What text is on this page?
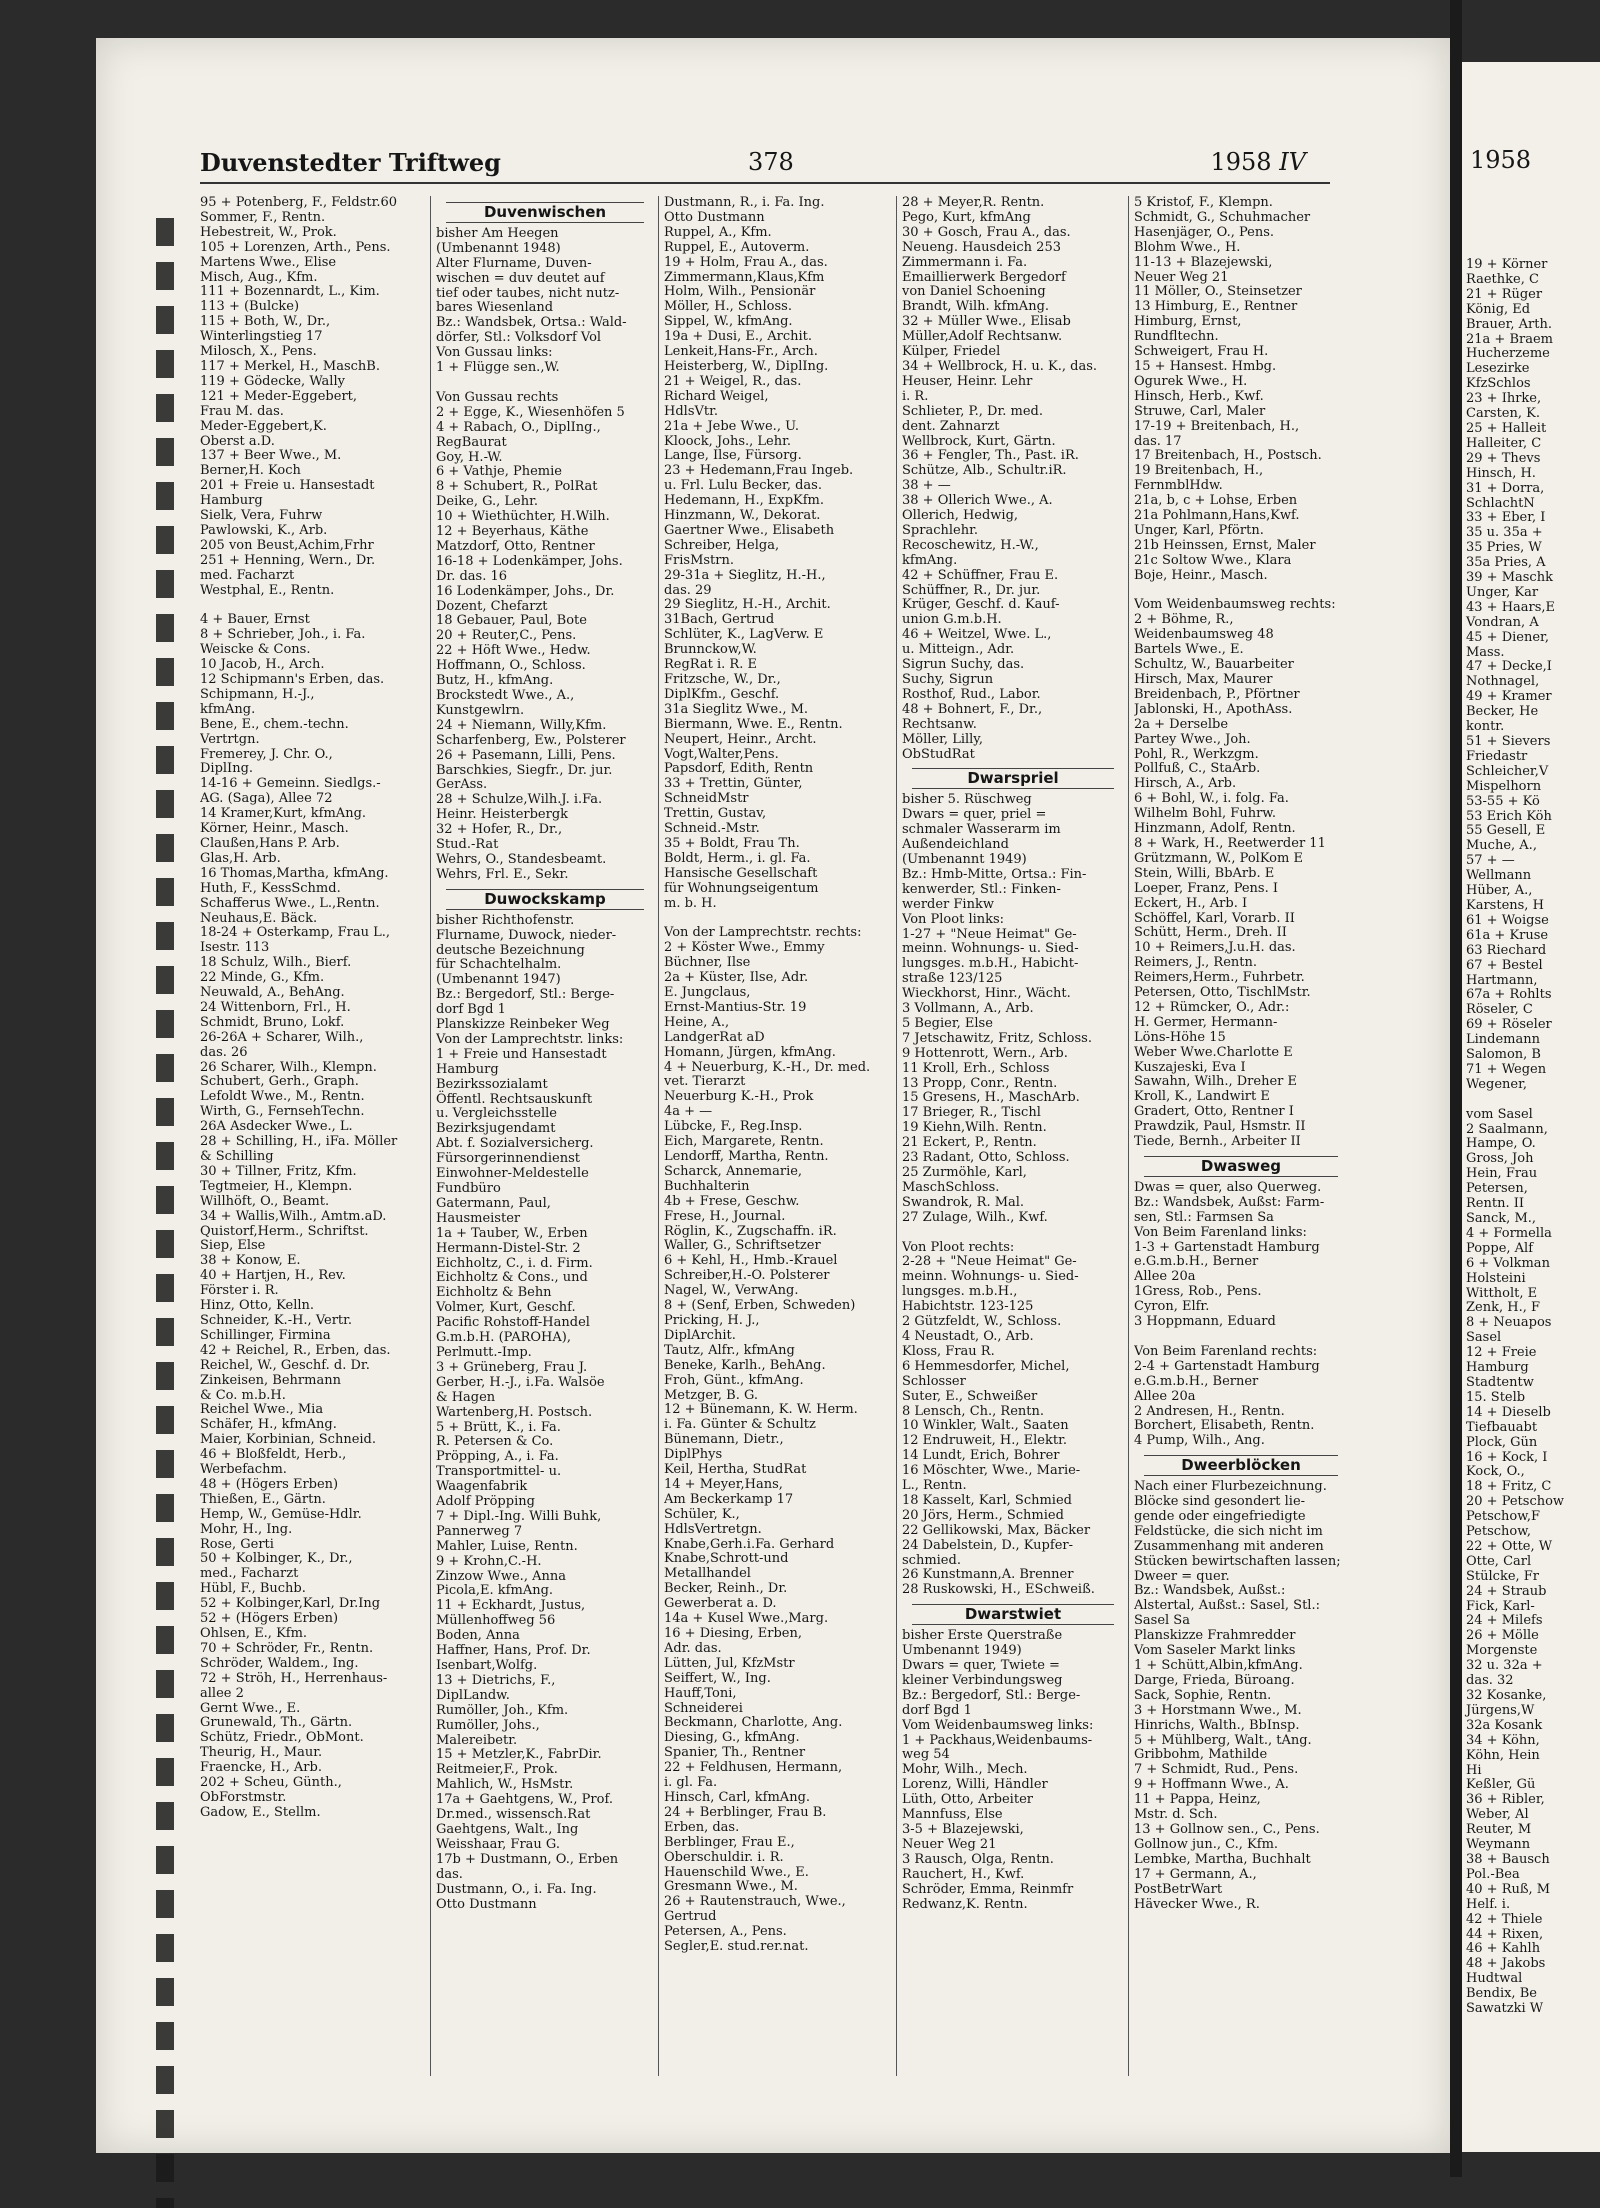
1958
19 + Körner
Raethke, C
21 + Rüger
König, Ed
Brauer, Arth.
21a + Braem
Hucherzeme
Lesezirke
KfzSchlos
23 + Ihrke,
Carsten, K.
25 + Halleit
Halleiter, C
29 + Thevs
Hinsch, H.
31 + Dorra,
SchlachtN
33 + Eber, I
35 u. 35a +
35 Pries, W
35a Pries, A
39 + Maschk
Unger, Kar
43 + Haars,E
Vondran, A
45 + Diener,
Mass.
47 + Decke,I
Nothnagel,
49 + Kramer
Becker, He
kontr.
51 + Sievers
Friedastr
Schleicher,V
Mispelhorn
53-55 + Kö
53 Erich Köh
55 Gesell, E
Muche, A.,
57 + —
Wellmann
Hüber, A.,
Karstens, H
61 + Woigse
61a + Kruse
63 Riechard
67 + Bestel
Hartmann,
67a + Rohlts
Röseler, C
69 + Röseler
Lindemann
Salomon, B
71 + Wegen
Wegener,

vom Sasel
2 Saalmann,
Hampe, O.
Gross, Joh
Hein, Frau
Petersen,
Rentn. II
Sanck, M.,
4 + Formella
Poppe, Alf
6 + Volkman
Holsteini
Wittholt, E
Zenk, H., F
8 + Neuapos
Sasel
12 + Freie
Hamburg
Stadtentw
15. Stelb
14 + Dieselb
Tiefbauabt
Plock, Gün
16 + Kock, I
Kock, O.,
18 + Fritz, C
20 + Petschow
Petschow,F
Petschow,
22 + Otte, W
Otte, Carl
Stülcke, Fr
24 + Straub
Fick, Karl-
24 + Milefs
26 + Mölle
Morgenste
32 u. 32a +
das. 32
32 Kosanke,
Jürgens,W
32a Kosank
34 + Köhn,
Köhn, Hein
Hi
Keßler, Gü
36 + Ribler,
Weber, Al
Reuter, M
Weymann
38 + Bausch
Pol.-Bea
40 + Ruß, M
Helf. i.
42 + Thiele
44 + Rixen,
46 + Kahlh
48 + Jakobs
Hudtwal
Bendix, Be
Sawatzki W
Duvenstedter Triftweg	378	1958 IV
95 + Potenberg, F., Feldstr.60
Sommer, F., Rentn.
Hebestreit, W., Prok.
105 + Lorenzen, Arth., Pens.
Martens Wwe., Elise
Misch, Aug., Kfm.
111 + Bozennardt, L., Kim.
113 + (Bulcke)
115 + Both, W., Dr.,
Winterlingstieg 17
Milosch, X., Pens.
117 + Merkel, H., MaschB.
119 + Gödecke, Wally
121 + Meder-Eggebert,
Frau M. das.
Meder-Eggebert,K.
Oberst a.D.
137 + Beer Wwe., M.
Berner,H. Koch
201 + Freie u. Hansestadt
Hamburg
Sielk, Vera, Fuhrw
Pawlowski, K., Arb.
205 von Beust,Achim,Frhr
251 + Henning, Wern., Dr.
med. Facharzt
Westphal, E., Rentn.

4 + Bauer, Ernst
8 + Schrieber, Joh., i. Fa.
Weiscke & Cons.
10 Jacob, H., Arch.
12 Schipmann's Erben, das.
Schipmann, H.-J.,
kfmAng.
Bene, E., chem.-techn.
Vertrtgn.
Fremerey, J. Chr. O.,
DiplIng.
14-16 + Gemeinn. Siedlgs.-
AG. (Saga), Allee 72
14 Kramer,Kurt, kfmAng.
Körner, Heinr., Masch.
Claußen,Hans P. Arb.
Glas,H. Arb.
16 Thomas,Martha, kfmAng.
Huth, F., KessSchmd.
Schafferus Wwe., L.,Rentn.
Neuhaus,E. Bäck.
18-24 + Osterkamp, Frau L.,
Isestr. 113
18 Schulz, Wilh., Bierf.
22 Minde, G., Kfm.
Neuwald, A., BehAng.
24 Wittenborn, Frl., H.
Schmidt, Bruno, Lokf.
26-26A + Scharer, Wilh.,
das. 26
26 Scharer, Wilh., Klempn.
Schubert, Gerh., Graph.
Lefoldt Wwe., M., Rentn.
Wirth, G., FernsehTechn.
26A Asdecker Wwe., L.
28 + Schilling, H., iFa. Möller
& Schilling
30 + Tillner, Fritz, Kfm.
Tegtmeier, H., Klempn.
Willhöft, O., Beamt.
34 + Wallis,Wilh., Amtm.aD.
Quistorf,Herm., Schriftst.
Siep, Else
38 + Konow, E.
40 + Hartjen, H., Rev.
Förster i. R.
Hinz, Otto, Kelln.
Schneider, K.-H., Vertr.
Schillinger, Firmina
42 + Reichel, R., Erben, das.
Reichel, W., Geschf. d. Dr.
Zinkeisen, Behrmann
& Co. m.b.H.
Reichel Wwe., Mia
Schäfer, H., kfmAng.
Maier, Korbinian, Schneid.
46 + Bloßfeldt, Herb.,
Werbefachm.
48 + (Högers Erben)
Thießen, E., Gärtn.
Hemp, W., Gemüse-Hdlr.
Mohr, H., Ing.
Rose, Gerti
50 + Kolbinger, K., Dr.,
med., Facharzt
Hübl, F., Buchb.
52 + Kolbinger,Karl, Dr.Ing
52 + (Högers Erben)
Ohlsen, E., Kfm.
70 + Schröder, Fr., Rentn.
Schröder, Waldem., Ing.
72 + Ströh, H., Herrenhaus-
allee 2
Gernt Wwe., E.
Grunewald, Th., Gärtn.
Schütz, Friedr., ObMont.
Theurig, H., Maur.
Fraencke, H., Arb.
202 + Scheu, Günth.,
ObForstmstr.
Gadow, E., Stellm.
Duvenwischen
bisher Am Heegen
(Umbenannt 1948)
Alter Flurname, Duven-
wischen = duv deutet auf
tief oder taubes, nicht nutz-
bares Wiesenland
Bz.: Wandsbek, Ortsa.: Wald-
dörfer, Stl.: Volksdorf Vol
Von Gussau links:
1 + Flügge sen.,W.

Von Gussau rechts
2 + Egge, K., Wiesenhöfen 5
4 + Rabach, O., DiplIng.,
RegBaurat
Goy, H.-W.
6 + Vathje, Phemie
8 + Schubert, R., PolRat
Deike, G., Lehr.
10 + Wiethüchter, H.Wilh.
12 + Beyerhaus, Käthe
Matzdorf, Otto, Rentner
16-18 + Lodenkämper, Johs.
Dr. das. 16
16 Lodenkämper, Johs., Dr.
Dozent, Chefarzt
18 Gebauer, Paul, Bote
20 + Reuter,C., Pens.
22 + Höft Wwe., Hedw.
Hoffmann, O., Schloss.
Butz, H., kfmAng.
Brockstedt Wwe., A.,
Kunstgewlrn.
24 + Niemann, Willy,Kfm.
Scharfenberg, Ew., Polsterer
26 + Pasemann, Lilli, Pens.
Barschkies, Siegfr., Dr. jur.
GerAss.
28 + Schulze,Wilh.J. i.Fa.
Heinr. Heisterbergk
32 + Hofer, R., Dr.,
Stud.-Rat
Wehrs, O., Standesbeamt.
Wehrs, Frl. E., Sekr.
Duwockskamp
bisher Richthofenstr.
Flurname, Duwock, nieder-
deutsche Bezeichnung
für Schachtelhalm.
(Umbenannt 1947)
Bz.: Bergedorf, Stl.: Berge-
dorf Bgd 1
Planskizze Reinbeker Weg
Von der Lamprechtstr. links:
1 + Freie und Hansestadt
Hamburg
Bezirkssozialamt
Öffentl. Rechtsauskunft
u. Vergleichsstelle
Bezirksjugendamt
Abt. f. Sozialversicherg.
Fürsorgerinnendienst
Einwohner-Meldestelle
Fundbüro
Gatermann, Paul,
Hausmeister
1a + Tauber, W., Erben
Hermann-Distel-Str. 2
Eichholtz, C., i. d. Firm.
Eichholtz & Cons., und
Eichholtz & Behn
Volmer, Kurt, Geschf.
Pacific Rohstoff-Handel
G.m.b.H. (PAROHA),
Perlmutt.-Imp.
3 + Grüneberg, Frau J.
Gerber, H.-J., i.Fa. Walsöe
& Hagen
Wartenberg,H. Postsch.
5 + Brütt, K., i. Fa.
R. Petersen & Co.
Pröpping, A., i. Fa.
Transportmittel- u.
Waagenfabrik
Adolf Pröpping
7 + Dipl.-Ing. Willi Buhk,
Pannerweg 7
Mahler, Luise, Rentn.
9 + Krohn,C.-H.
Zinzow Wwe., Anna
Picola,E. kfmAng.
11 + Eckhardt, Justus,
Müllenhoffweg 56
Boden, Anna
Haffner, Hans, Prof. Dr.
Isenbart,Wolfg.
13 + Dietrichs, F.,
DiplLandw.
Rumöller, Joh., Kfm.
Rumöller, Johs.,
Malereibetr.
15 + Metzler,K., FabrDir.
Reitmeier,F., Prok.
Mahlich, W., HsMstr.
17a + Gaehtgens, W., Prof.
Dr.med., wissensch.Rat
Gaehtgens, Walt., Ing
Weisshaar, Frau G.
17b + Dustmann, O., Erben
das.
Dustmann, O., i. Fa. Ing.
Otto Dustmann
Dustmann, R., i. Fa. Ing.
Otto Dustmann
Ruppel, A., Kfm.
Ruppel, E., Autoverm.
19 + Holm, Frau A., das.
Zimmermann,Klaus,Kfm
Holm, Wilh., Pensionär
Möller, H., Schloss.
Sippel, W., kfmAng.
19a + Dusi, E., Archit.
Lenkeit,Hans-Fr., Arch.
Heisterberg, W., DiplIng.
21 + Weigel, R., das.
Richard Weigel,
HdlsVtr.
21a + Jebe Wwe., U.
Kloock, Johs., Lehr.
Lange, Ilse, Fürsorg.
23 + Hedemann,Frau Ingeb.
u. Frl. Lulu Becker, das.
Hedemann, H., ExpKfm.
Hinzmann, W., Dekorat.
Gaertner Wwe., Elisabeth
Schreiber, Helga,
FrisMstrn.
29-31a + Sieglitz, H.-H.,
das. 29
29 Sieglitz, H.-H., Archit.
31Bach, Gertrud
Schlüter, K., LagVerw. E
Brunnckow,W.
RegRat i. R. E
Fritzsche, W., Dr.,
DiplKfm., Geschf.
31a Sieglitz Wwe., M.
Biermann, Wwe. E., Rentn.
Neupert, Heinr., Archt.
Vogt,Walter,Pens.
Papsdorf, Edith, Rentn
33 + Trettin, Günter,
SchneidMstr
Trettin, Gustav,
Schneid.-Mstr.
35 + Boldt, Frau Th.
Boldt, Herm., i. gl. Fa.
Hansische Gesellschaft
für Wohnungseigentum
m. b. H.

Von der Lamprechtstr. rechts:
2 + Köster Wwe., Emmy
Büchner, Ilse
2a + Küster, Ilse, Adr.
E. Jungclaus,
Ernst-Mantius-Str. 19
Heine, A.,
LandgerRat aD
Homann, Jürgen, kfmAng.
4 + Neuerburg, K.-H., Dr. med.
vet. Tierarzt
Neuerburg K.-H., Prok
4a + —
Lübcke, F., Reg.Insp.
Eich, Margarete, Rentn.
Lendorff, Martha, Rentn.
Scharck, Annemarie,
Buchhalterin
4b + Frese, Geschw.
Frese, H., Journal.
Röglin, K., Zugschaffn. iR.
Waller, G., Schriftsetzer
6 + Kehl, H., Hmb.-Krauel
Schreiber,H.-O. Polsterer
Nagel, W., VerwAng.
8 + (Senf, Erben, Schweden)
Pricking, H. J.,
DiplArchit.
Tautz, Alfr., kfmAng
Beneke, Karlh., BehAng.
Froh, Günt., kfmAng.
Metzger, B. G.
12 + Bünemann, K. W. Herm.
i. Fa. Günter & Schultz
Bünemann, Dietr.,
DiplPhys
Keil, Hertha, StudRat
14 + Meyer,Hans,
Am Beckerkamp 17
Schüler, K.,
HdlsVertretgn.
Knabe,Gerh.i.Fa. Gerhard
Knabe,Schrott-und
Metallhandel
Becker, Reinh., Dr.
Gewerberat a. D.
14a + Kusel Wwe.,Marg.
16 + Diesing, Erben,
Adr. das.
Lütten, Jul, KfzMstr
Seiffert, W., Ing.
Hauff,Toni,
Schneiderei
Beckmann, Charlotte, Ang.
Diesing, G., kfmAng.
Spanier, Th., Rentner
22 + Feldhusen, Hermann,
i. gl. Fa.
Hinsch, Carl, kfmAng.
24 + Berblinger, Frau B.
Erben, das.
Berblinger, Frau E.,
Oberschuldir. i. R.
Hauenschild Wwe., E.
Gresmann Wwe., M.
26 + Rautenstrauch, Wwe.,
Gertrud
Petersen, A., Pens.
Segler,E. stud.rer.nat.
28 + Meyer,R. Rentn.
Pego, Kurt, kfmAng
30 + Gosch, Frau A., das.
Neueng. Hausdeich 253
Zimmermann i. Fa.
Emaillierwerk Bergedorf
von Daniel Schoening
Brandt, Wilh. kfmAng.
32 + Müller Wwe., Elisab
Müller,Adolf Rechtsanw.
Külper, Friedel
34 + Wellbrock, H. u. K., das.
Heuser, Heinr. Lehr
i. R.
Schlieter, P., Dr. med.
dent. Zahnarzt
Wellbrock, Kurt, Gärtn.
36 + Fengler, Th., Past. iR.
Schütze, Alb., Schultr.iR.
38 + —
38 + Ollerich Wwe., A.
Ollerich, Hedwig,
Sprachlehr.
Recoschewitz, H.-W.,
kfmAng.
42 + Schüffner, Frau E.
Schüffner, R., Dr. jur.
Krüger, Geschf. d. Kauf-
union G.m.b.H.
46 + Weitzel, Wwe. L.,
u. Mitteign., Adr.
Sigrun Suchy, das.
Suchy, Sigrun
Rosthof, Rud., Labor.
48 + Bohnert, F., Dr.,
Rechtsanw.
Möller, Lilly,
ObStudRat
Dwarspriel
bisher 5. Rüschweg
Dwars = quer, priel =
schmaler Wasserarm im
Außendeichland
(Umbenannt 1949)
Bz.: Hmb-Mitte, Ortsa.: Fin-
kenwerder, Stl.: Finken-
werder Finkw
Von Ploot links:
1-27 + "Neue Heimat" Ge-
meinn. Wohnungs- u. Sied-
lungsges. m.b.H., Habicht-
straße 123/125
Wieckhorst, Hinr., Wächt.
3 Vollmann, A., Arb.
5 Begier, Else
7 Jetschawitz, Fritz, Schloss.
9 Hottenrott, Wern., Arb.
11 Kroll, Erh., Schloss
13 Propp, Conr., Rentn.
15 Gresens, H., MaschArb.
17 Brieger, R., Tischl
19 Kiehn,Wilh. Rentn.
21 Eckert, P., Rentn.
23 Radant, Otto, Schloss.
25 Zurmöhle, Karl,
MaschSchloss.
Swandrok, R. Mal.
27 Zulage, Wilh., Kwf.

Von Ploot rechts:
2-28 + "Neue Heimat" Ge-
meinn. Wohnungs- u. Sied-
lungsges. m.b.H.,
Habichtstr. 123-125
2 Gützfeldt, W., Schloss.
4 Neustadt, O., Arb.
Kloss, Frau R.
6 Hemmesdorfer, Michel,
Schlosser
Suter, E., Schweißer
8 Lensch, Ch., Rentn.
10 Winkler, Walt., Saaten
12 Endruweit, H., Elektr.
14 Lundt, Erich, Bohrer
16 Möschter, Wwe., Marie-
L., Rentn.
18 Kasselt, Karl, Schmied
20 Jörs, Herm., Schmied
22 Gellikowski, Max, Bäcker
24 Dabelstein, D., Kupfer-
schmied.
26 Kunstmann,A. Brenner
28 Ruskowski, H., ESchweiß.
Dwarstwiet
bisher Erste Querstraße
Umbenannt 1949)
Dwars = quer, Twiete =
kleiner Verbindungsweg
Bz.: Bergedorf, Stl.: Berge-
dorf Bgd 1
Vom Weidenbaumsweg links:
1 + Packhaus,Weidenbaums-
weg 54
Mohr, Wilh., Mech.
Lorenz, Willi, Händler
Lüth, Otto, Arbeiter
Mannfuss, Else
3-5 + Blazejewski,
Neuer Weg 21
3 Rausch, Olga, Rentn.
Rauchert, H., Kwf.
Schröder, Emma, Reinmfr
Redwanz,K. Rentn.
5 Kristof, F., Klempn.
Schmidt, G., Schuhmacher
Hasenjäger, O., Pens.
Blohm Wwe., H.
11-13 + Blazejewski,
Neuer Weg 21
11 Möller, O., Steinsetzer
13 Himburg, E., Rentner
Himburg, Ernst,
Rundfltechn.
Schweigert, Frau H.
15 + Hansest. Hmbg.
Ogurek Wwe., H.
Hinsch, Herb., Kwf.
Struwe, Carl, Maler
17-19 + Breitenbach, H.,
das. 17
17 Breitenbach, H., Postsch.
19 Breitenbach, H.,
FernmblHdw.
21a, b, c + Lohse, Erben
21a Pohlmann,Hans,Kwf.
Unger, Karl, Pförtn.
21b Heinssen, Ernst, Maler
21c Soltow Wwe., Klara
Boje, Heinr., Masch.

Vom Weidenbaumsweg rechts:
2 + Böhme, R.,
Weidenbaumsweg 48
Bartels Wwe., E.
Schultz, W., Bauarbeiter
Hirsch, Max, Maurer
Breidenbach, P., Pförtner
Jablonski, H., ApothAss.
2a + Derselbe
Partey Wwe., Joh.
Pohl, R., Werkzgm.
Pollfuß, C., StaArb.
Hirsch, A., Arb.
6 + Bohl, W., i. folg. Fa.
Wilhelm Bohl, Fuhrw.
Hinzmann, Adolf, Rentn.
8 + Wark, H., Reetwerder 11
Grützmann, W., PolKom E
Stein, Willi, BbArb. E
Loeper, Franz, Pens. I
Eckert, H., Arb. I
Schöffel, Karl, Vorarb. II
Schütt, Herm., Dreh. II
10 + Reimers,J.u.H. das.
Reimers, J., Rentn.
Reimers,Herm., Fuhrbetr.
Petersen, Otto, TischlMstr.
12 + Rümcker, O., Adr.:
H. Germer, Hermann-
Löns-Höhe 15
Weber Wwe.Charlotte E
Kuszajeski, Eva I
Sawahn, Wilh., Dreher E
Kroll, K., Landwirt E
Gradert, Otto, Rentner I
Prawdzik, Paul, Hsmstr. II
Tiede, Bernh., Arbeiter II
Dwasweg
Dwas = quer, also Querweg.
Bz.: Wandsbek, Außst: Farm-
sen, Stl.: Farmsen Sa
Von Beim Farenland links:
1-3 + Gartenstadt Hamburg
e.G.m.b.H., Berner
Allee 20a
1Gress, Rob., Pens.
Cyron, Elfr.
3 Hoppmann, Eduard

Von Beim Farenland rechts:
2-4 + Gartenstadt Hamburg
e.G.m.b.H., Berner
Allee 20a
2 Andresen, H., Rentn.
Borchert, Elisabeth, Rentn.
4 Pump, Wilh., Ang.
Dweerblöcken
Nach einer Flurbezeichnung.
Blöcke sind gesondert lie-
gende oder eingefriedigte
Feldstücke, die sich nicht im
Zusammenhang mit anderen
Stücken bewirtschaften lassen;
Dweer = quer.
Bz.: Wandsbek, Außst.:
Alstertal, Außst.: Sasel, Stl.:
Sasel Sa
Planskizze Frahmredder
Vom Saseler Markt links
1 + Schütt,Albin,kfmAng.
Darge, Frieda, Büroang.
Sack, Sophie, Rentn.
3 + Horstmann Wwe., M.
Hinrichs, Walth., BbInsp.
5 + Mühlberg, Walt., tAng.
Gribbohm, Mathilde
7 + Schmidt, Rud., Pens.
9 + Hoffmann Wwe., A.
11 + Pappa, Heinz,
Mstr. d. Sch.
13 + Gollnow sen., C., Pens.
Gollnow jun., C., Kfm.
Lembke, Martha, Buchhalt
17 + Germann, A.,
PostBetrWart
Hävecker Wwe., R.
